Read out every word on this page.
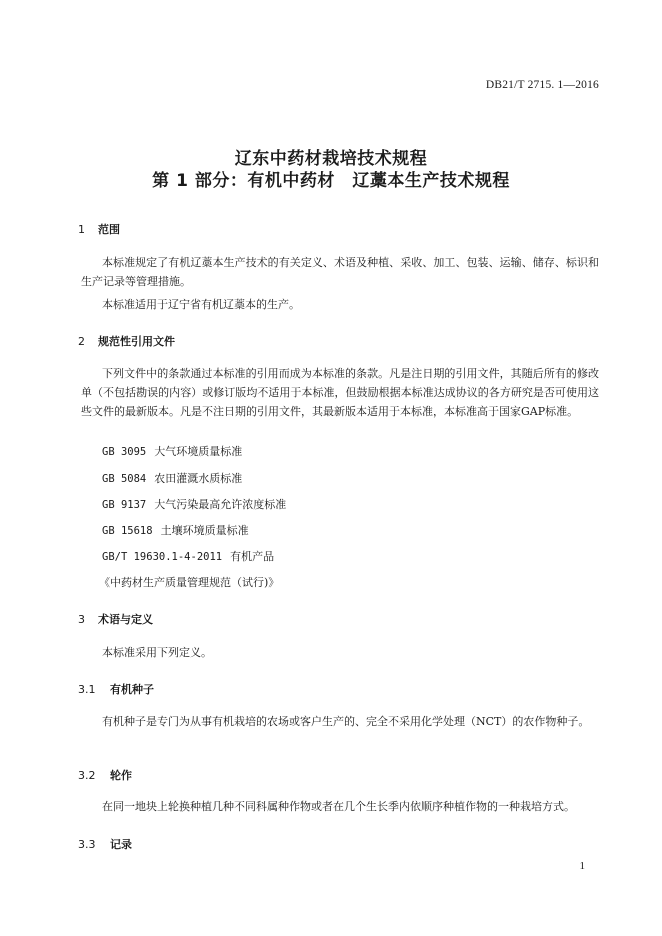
DB21/T 2715. 1—2016
辽东中药材栽培技术规程
第 1 部分：有机中药材　辽藁本生产技术规程
1 范围
本标准规定了有机辽藁本生产技术的有关定义、术语及种植、采收、加工、包装、运输、储存、标识和生产记录等管理措施。
本标准适用于辽宁省有机辽藁本的生产。
2 规范性引用文件
下列文件中的条款通过本标准的引用而成为本标准的条款。凡是注日期的引用文件，其随后所有的修改单（不包括勘误的内容）或修订版均不适用于本标准，但鼓励根据本标准达成协议的各方研究是否可使用这些文件的最新版本。凡是不注日期的引用文件，其最新版本适用于本标准，本标准高于国家GAP标准。
GB 3095 大气环境质量标准
GB 5084 农田灌溉水质标准
GB 9137 大气污染最高允许浓度标准
GB 15618 土壤环境质量标准
GB/T 19630.1-4-2011 有机产品
《中药材生产质量管理规范（试行)》
3 术语与定义
本标准采用下列定义。
3.1 有机种子
有机种子是专门为从事有机栽培的农场或客户生产的、完全不采用化学处理（NCT）的农作物种子。
3.2 轮作
在同一地块上轮换种植几种不同科属种作物或者在几个生长季内依顺序种植作物的一种栽培方式。
3.3 记录
1
